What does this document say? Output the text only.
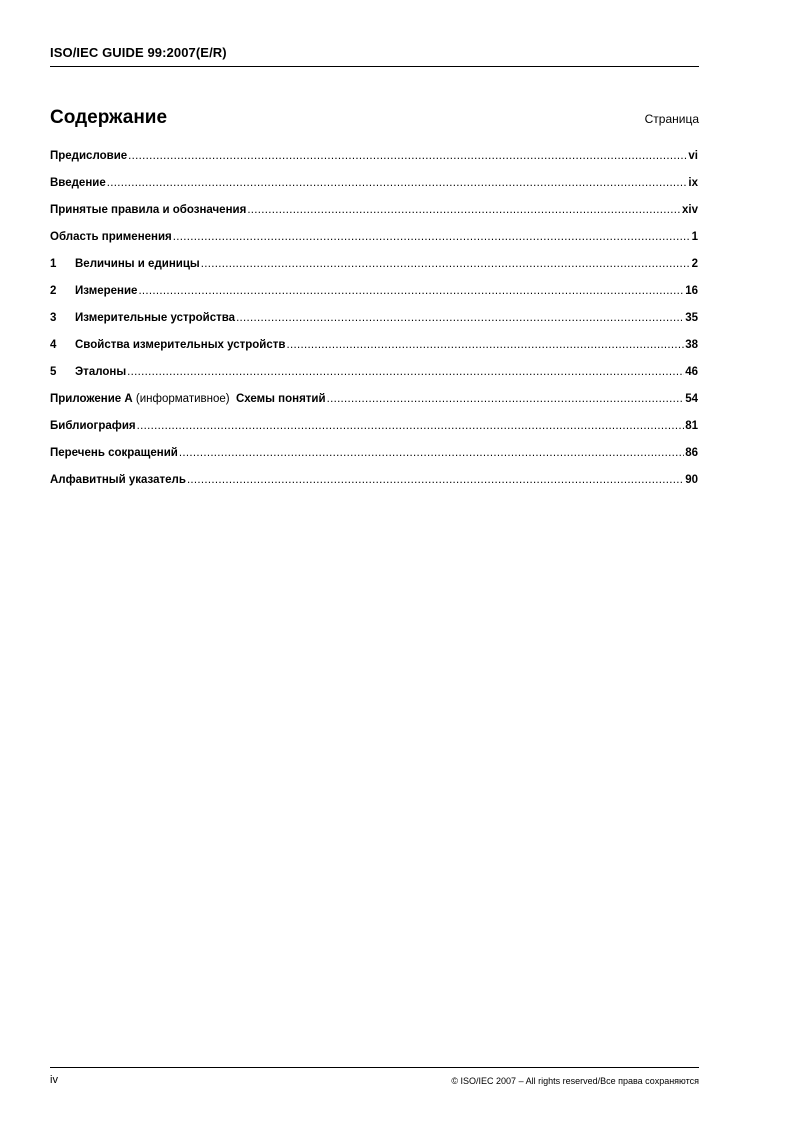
ISO/IEC GUIDE 99:2007(E/R)
Содержание	Страница
Предисловие .....	vi
Введение .....	ix
Принятые правила и обозначения .....	xiv
Область применения .....	1
1 Величины и единицы .....	2
2 Измерение .....	16
3 Измерительные устройства .....	35
4 Свойства измерительных устройств .....	38
5 Эталоны .....	46
Приложение А (информативное) Схемы понятий .....	54
Библиография .....	81
Перечень сокращений .....	86
Алфавитный указатель .....	90
iv	© ISO/IEC 2007 – All rights reserved/Все права сохраняются
